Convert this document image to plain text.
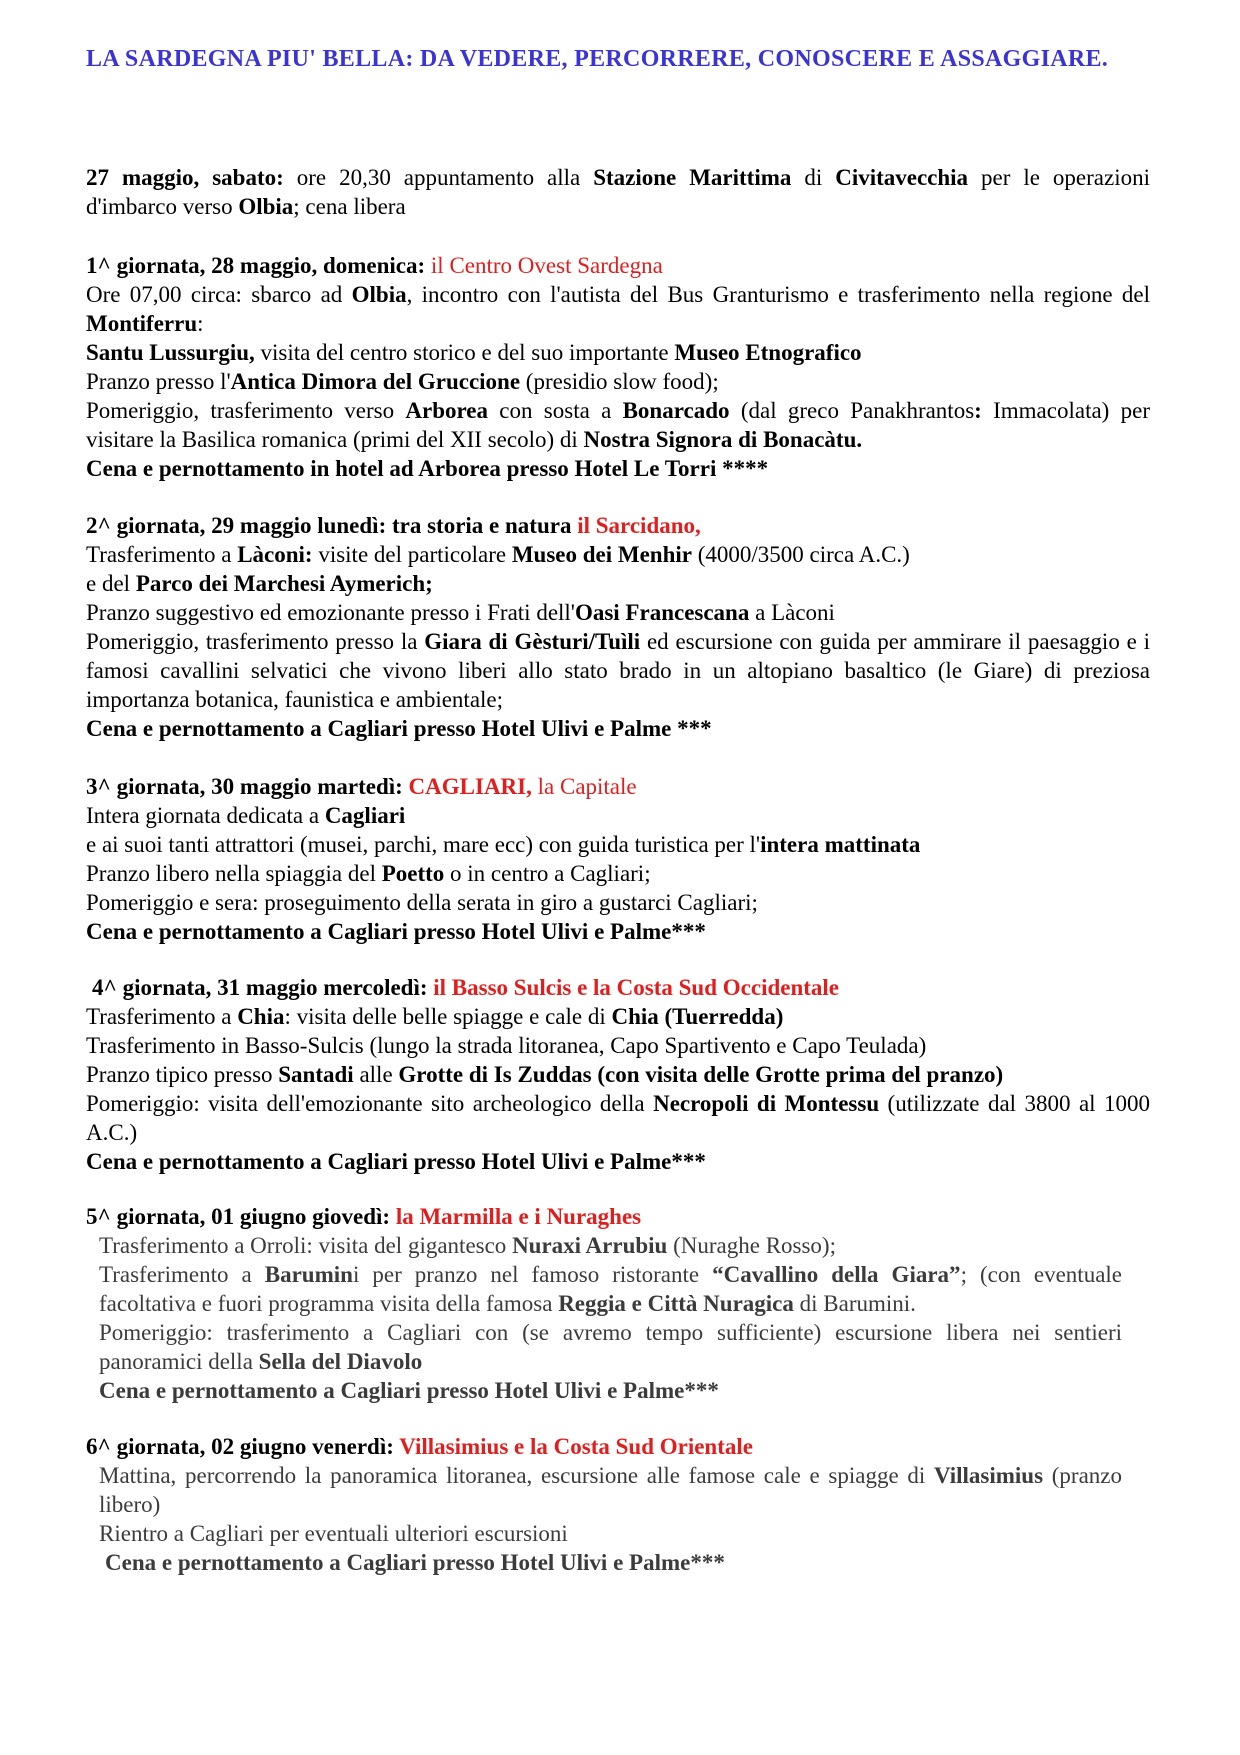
LA SARDEGNA PIU' BELLA: DA VEDERE, PERCORRERE, CONOSCERE E ASSAGGIARE.

27 maggio, sabato: ore 20,30 appuntamento alla Stazione Marittima di Civitavecchia per le operazioni d'imbarco verso Olbia; cena libera

1^ giornata, 28 maggio, domenica: il Centro Ovest Sardegna

Ore 07,00 circa: sbarco ad Olbia, incontro con l'autista del Bus Granturismo e trasferimento nella regione del Montiferru:

Santu Lussurgiu, visita del centro storico e del suo importante Museo Etnografico

Pranzo presso l'Antica Dimora del Gruccione (presidio slow food);

Pomeriggio, trasferimento verso Arborea con sosta a Bonarcado (dal greco Panakhrantos: Immacolata) per visitare la Basilica romanica (primi del XII secolo) di Nostra Signora di Bonacàtu.

Cena e pernottamento in hotel ad Arborea presso Hotel Le Torri ****

2^ giornata, 29 maggio lunedì: tra storia e natura il Sarcidano,

Trasferimento a Làconi: visite del particolare Museo dei Menhir (4000/3500 circa A.C.)

e del Parco dei Marchesi Aymerich;

Pranzo suggestivo ed emozionante presso i Frati dell'Oasi Francescana a Làconi

Pomeriggio, trasferimento presso la Giara di Gèsturi/Tuìli ed escursione con guida per ammirare il paesaggio e i famosi cavallini selvatici che vivono liberi allo stato brado in un altopiano basaltico (le Giare) di preziosa importanza botanica, faunistica e ambientale;

Cena e pernottamento a Cagliari presso Hotel Ulivi e Palme ***

3^ giornata, 30 maggio martedì: CAGLIARI, la Capitale

Intera giornata dedicata a Cagliari

e ai suoi tanti attrattori (musei, parchi, mare ecc) con guida turistica per l'intera mattinata

Pranzo libero nella spiaggia del Poetto o in centro a Cagliari;

Pomeriggio e sera: proseguimento della serata in giro a gustarci Cagliari;

Cena e pernottamento a Cagliari presso Hotel Ulivi e Palme***

4^ giornata, 31 maggio mercoledì: il Basso Sulcis e la Costa Sud Occidentale

Trasferimento a Chia: visita delle belle spiagge e cale di Chia (Tuerredda)

Trasferimento in Basso-Sulcis (lungo la strada litoranea, Capo Spartivento e Capo Teulada)

Pranzo tipico presso Santadi alle Grotte di Is Zuddas (con visita delle Grotte prima del pranzo)

Pomeriggio: visita dell'emozionante sito archeologico della Necropoli di Montessu (utilizzate dal 3800 al 1000 A.C.)

Cena e pernottamento a Cagliari presso Hotel Ulivi e Palme***

5^ giornata, 01 giugno giovedì: la Marmilla e i Nuraghes

Trasferimento a Orroli: visita del gigantesco Nuraxi Arrubiu (Nuraghe Rosso);

Trasferimento a Barumini per pranzo nel famoso ristorante “Cavallino della Giara”; (con eventuale facoltativa e fuori programma visita della famosa Reggia e Città Nuragica di Barumini.

Pomeriggio: trasferimento a Cagliari con (se avremo tempo sufficiente) escursione libera nei sentieri panoramici della Sella del Diavolo

Cena e pernottamento a Cagliari presso Hotel Ulivi e Palme***

6^ giornata, 02 giugno venerdì: Villasimius e la Costa Sud Orientale

Mattina, percorrendo la panoramica litoranea, escursione alle famose cale e spiagge di Villasimius (pranzo libero)

Rientro a Cagliari per eventuali ulteriori escursioni

Cena e pernottamento a Cagliari presso Hotel Ulivi e Palme***
